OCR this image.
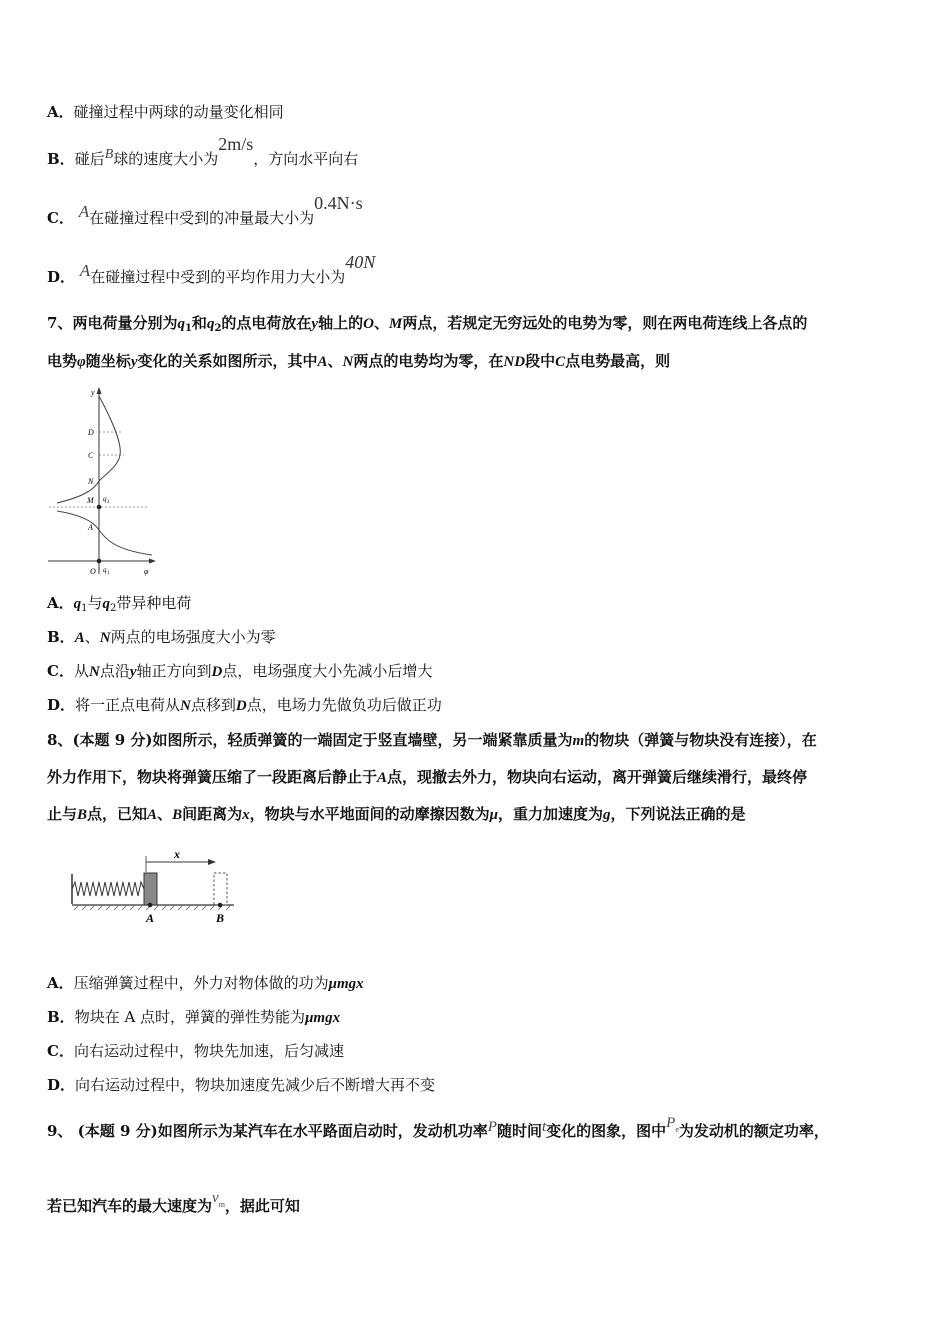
A．碰撞过程中两球的动量变化相同
B．碰后B球的速度大小为2m/s，方向水平向右
C． A在碰撞过程中受到的冲量最大小为0.4N·s
D． A在碰撞过程中受到的平均作用力大小为40N
7、两电荷量分别为$q_1$和$q_2$的点电荷放在y轴上的O、M两点，若规定无穷远处的电势为零，则在两电荷连线上各点的
电势φ随坐标y变化的关系如图所示，其中A、N两点的电势均为零，在ND段中C点电势最高，则
y
D
C
N
M
A
O
q 2
q 1	φ
A．$q_1$与$q_2$带异种电荷
B．A、N两点的电场强度大小为零
C．从N点沿y轴正方向到D点，电场强度大小先减小后增大
D．将一正点电荷从N点移到D点，电场力先做负功后做正功
8、(本题 9 分)如图所示，轻质弹簧的一端固定于竖直墙壁，另一端紧靠质量为m的物块（弹簧与物块没有连接），在
外力作用下，物块将弹簧压缩了一段距离后静止于A点，现撤去外力，物块向右运动，离开弹簧后继续滑行，最终停
止与B点，已知A、B间距离为x，物块与水平地面间的动摩擦因数为μ，重力加速度为g，下列说法正确的是
x
A	B
A．压缩弹簧过程中，外力对物体做的功为μmgx
B．物块在 A 点时，弹簧的弹性势能为μmgx
C．向右运动过程中，物块先加速，后匀减速
D．向右运动过程中，物块加速度先减少后不断增大再不变
9、 (本题 9 分)如图所示为某汽车在水平路面启动时，发动机功率P随时间t变化的图象，图中$P^e$为发动机的额定功率，
若已知汽车的最大速度为$v^m$，据此可知
